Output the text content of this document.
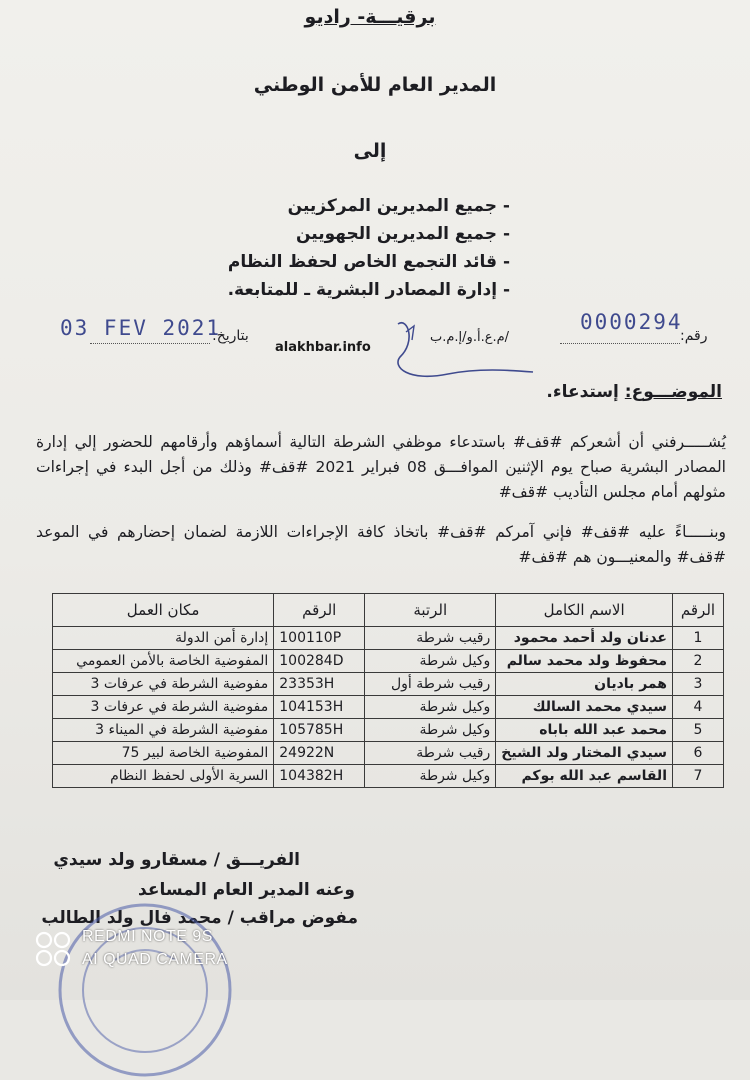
برقيـــة- راديو
المدير العام للأمن الوطني
إلى
- جميع المديرين المركزيين
- جميع المديرين الجهويين
- قائد التجمع الخاص لحفظ النظام
- إدارة المصادر البشرية ـ للمتابعة.
رقم:
/م.ع.أ.و/إ.م.ب
0000294
بتاريخ:
03 FEV 2021
alakhbar.info
الموضـــوع: إستدعاء.

يُشـــــرفني أن أشعركم #قف# باستدعاء موظفي الشرطة التالية أسماؤهم وأرقامهم للحضور إلي إدارة المصادر البشرية صباح يوم الإثنين الموافـــق 08 فبراير 2021 #قف# وذلك من أجل البدء في إجراءات مثولهم أمام مجلس التأديب #قف#

وبنـــــاءً عليه #قف# فإني آمركم #قف# باتخاذ كافة الإجراءات اللازمة لضمان إحضارهم في الموعد #قف# والمعنيـــون هم #قف#

الرقم	الاسم الكامل	الرتبة	الرقم	مكان العمل
1	عدنان ولد أحمد محمود	رقيب شرطة	100110P	إدارة أمن الدولة
2	محفوظ ولد محمد سالم	وكيل شرطة	100284D	المفوضية الخاصة بالأمن العمومي
3	همر باديان	رقيب شرطة أول	23353H	مفوضية الشرطة في عرفات 3
4	سيدي محمد السالك	وكيل شرطة	104153H	مفوضية الشرطة في عرفات 3
5	محمد عبد الله باباه	وكيل شرطة	105785H	مفوضية الشرطة في الميناء 3
6	سيدي المختار ولد الشيخ	رقيب شرطة	24922N	المفوضية الخاصة لبير 75
7	القاسم عبد الله بوكم	وكيل شرطة	104382H	السرية الأولى لحفظ النظام
الفريـــق / مسقارو ولد سيدي
وعنه المدير العام المساعد
مفوض مراقب / محمد فال ولد الطالب
REDMI NOTE 9S
AI QUAD CAMERA
